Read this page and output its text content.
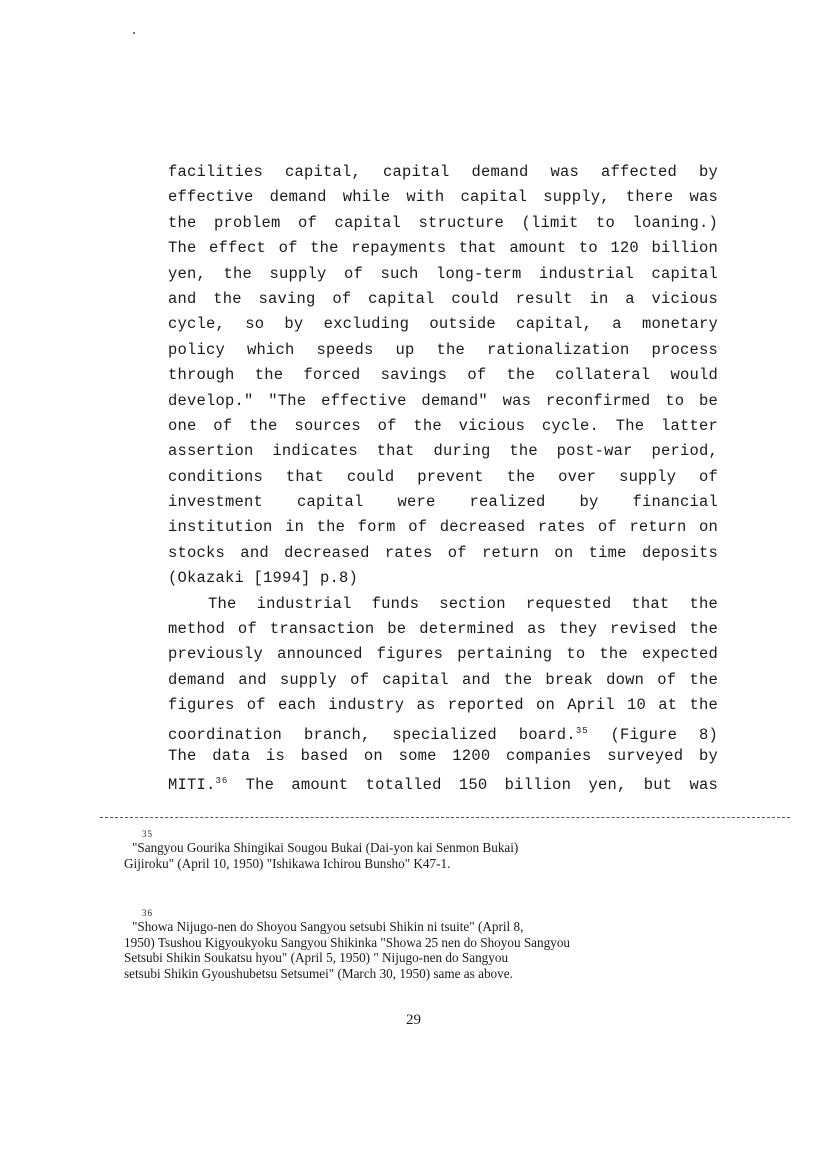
facilities capital, capital demand was affected by
effective demand while with capital supply, there was
the problem of capital structure (limit to loaning.)
The effect of the repayments that amount to 120 billion
yen, the supply of such long-term industrial capital
and the saving of capital could result in a vicious
cycle, so by excluding outside capital, a monetary
policy which speeds up the rationalization process
through the forced savings of the collateral would
develop." "The effective demand" was reconfirmed to be
one of the sources of the vicious cycle. The latter
assertion indicates that during the post-war period,
conditions that could prevent the over supply of
investment capital were realized by financial
institution in the form of decreased rates of return on
stocks and decreased rates of return on time deposits
(Okazaki [1994] p.8)
The industrial funds section requested that the
method of transaction be determined as they revised the
previously announced figures pertaining to the expected
demand and supply of capital and the break down of the
figures of each industry as reported on April 10 at the
coordination branch, specialized board.$^{35}$ (Figure 8)
The data is based on some 1200 companies surveyed by
MITI.$^{36}$ The amount totalled 150 billion yen, but was
35
"Sangyou Gourika Shingikai Sougou Bukai (Dai-yon kai Senmon Bukai)
Gijiroku" (April 10, 1950) "Ishikawa Ichirou Bunsho" K47-1.
36
"Showa Nijugo-nen do Shoyou Sangyou setsubi Shikin ni tsuite" (April 8,
1950) Tsushou Kigyoukyoku Sangyou Shikinka "Showa 25 nen do Shoyou Sangyou
Setsubi Shikin Soukatsu hyou" (April 5, 1950) " Nijugo-nen do Sangyou
setsubi Shikin Gyoushubetsu Setsumei" (March 30, 1950) same as above.
29
